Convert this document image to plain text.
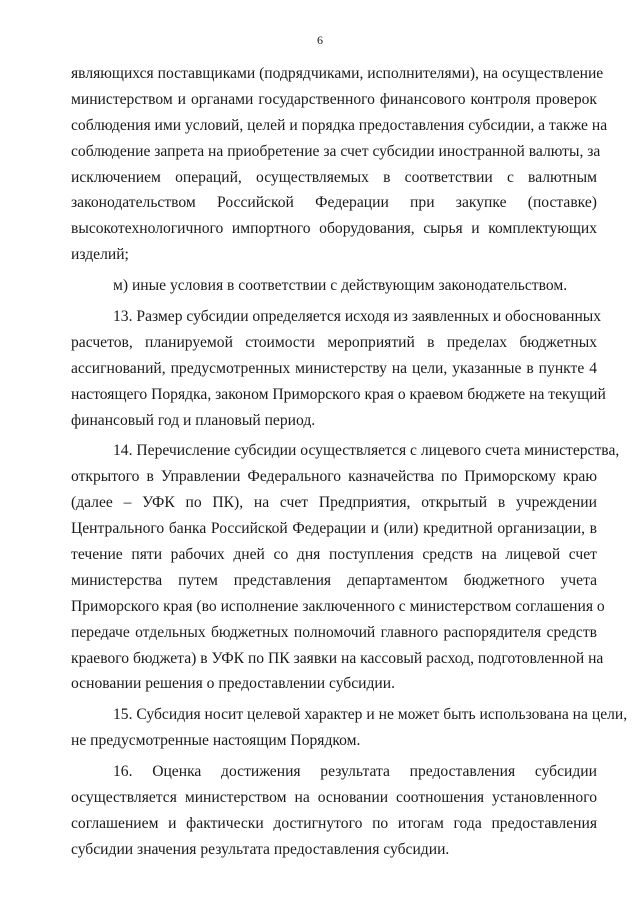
6
являющихся поставщиками (подрядчиками, исполнителями), на осуществление
министерством и органами государственного финансового контроля проверок
соблюдения ими условий, целей и порядка предоставления субсидии, а также на
соблюдение запрета на приобретение за счет субсидии иностранной валюты, за
исключением операций, осуществляемых в соответствии с валютным
законодательством Российской Федерации при закупке (поставке)
высокотехнологичного импортного оборудования, сырья и комплектующих
изделий;
м) иные условия в соответствии с действующим законодательством.
13. Размер субсидии определяется исходя из заявленных и обоснованных
расчетов, планируемой стоимости мероприятий в пределах бюджетных
ассигнований, предусмотренных министерству на цели, указанные в пункте 4
настоящего Порядка, законом Приморского края о краевом бюджете на текущий
финансовый год и плановый период.
14. Перечисление субсидии осуществляется с лицевого счета министерства,
открытого в Управлении Федерального казначейства по Приморскому краю
(далее – УФК по ПК), на счет Предприятия, открытый в учреждении
Центрального банка Российской Федерации и (или) кредитной организации, в
течение пяти рабочих дней со дня поступления средств на лицевой счет
министерства путем представления департаментом бюджетного учета
Приморского края (во исполнение заключенного с министерством соглашения о
передаче отдельных бюджетных полномочий главного распорядителя средств
краевого бюджета) в УФК по ПК заявки на кассовый расход, подготовленной на
основании решения о предоставлении субсидии.
15. Субсидия носит целевой характер и не может быть использована на цели,
не предусмотренные настоящим Порядком.
16. Оценка достижения результата предоставления субсидии
осуществляется министерством на основании соотношения установленного
соглашением и фактически достигнутого по итогам года предоставления
субсидии значения результата предоставления субсидии.
